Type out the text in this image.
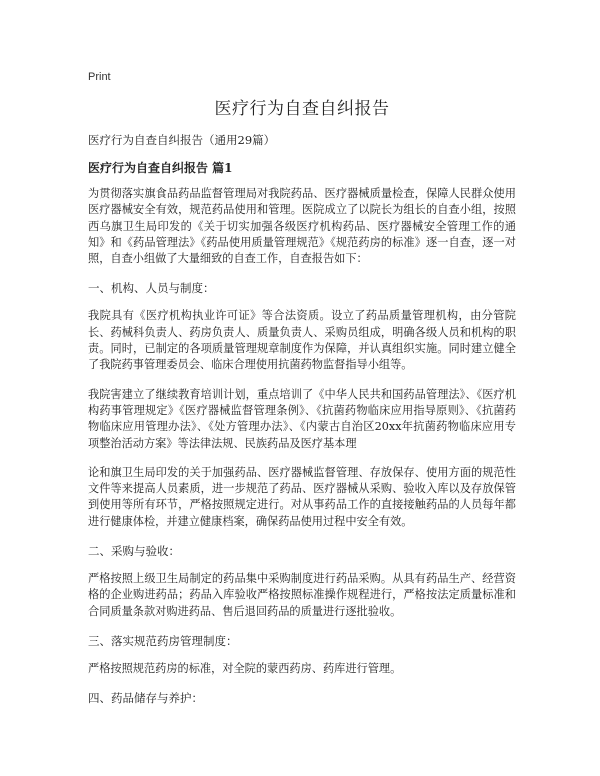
Print
医疗行为自查自纠报告

医疗行为自查自纠报告（通用29篇）

医疗行为自查自纠报告 篇1

为贯彻落实旗食品药品监督管理局对我院药品、医疗器械质量检查，保障人民群众使用医疗器械安全有效，规范药品使用和管理。医院成立了以院长为组长的自查小组，按照西乌旗卫生局印发的《关于切实加强各级医疗机构药品、医疗器械安全管理工作的通知》和《药品管理法》《药品使用质量管理规范》《规范药房的标准》逐一自查，逐一对照，自查小组做了大量细致的自查工作，自查报告如下：

一、机构、人员与制度：

我院具有《医疗机构执业许可证》等合法资质。设立了药品质量管理机构，由分管院长、药械科负责人、药房负责人、质量负责人、采购员组成，明确各级人员和机构的职责。同时，已制定的各项质量管理规章制度作为保障，并认真组织实施。同时建立健全了我院药事管理委员会、临床合理使用抗菌药物监督指导小组等。

我院害建立了继续教育培训计划，重点培训了《中华人民共和国药品管理法》、《医疗机构药事管理规定》《医疗器械监督管理条例》、《抗菌药物临床应用指导原则》、《抗菌药物临床应用管理办法》、《处方管理办法》、《内蒙古自治区20xx年抗菌药物临床应用专项整治活动方案》等法律法规、民族药品及医疗基本理

论和旗卫生局印发的关于加强药品、医疗器械监督管理、存放保存、使用方面的规范性文件等来提高人员素质，进一步规范了药品、医疗器械从采购、验收入库以及存放保管到使用等所有环节，严格按照规定进行。对从事药品工作的直接接触药品的人员每年都进行健康体检，并建立健康档案，确保药品使用过程中安全有效。

二、采购与验收：

严格按照上级卫生局制定的药品集中采购制度进行药品采购。从具有药品生产、经营资格的企业购进药品；药品入库验收严格按照标准操作规程进行，严格按法定质量标准和合同质量条款对购进药品、售后退回药品的质量进行逐批验收。

三、落实规范药房管理制度：

严格按照规范药房的标准，对全院的蒙西药房、药库进行管理。

四、药品储存与养护：
